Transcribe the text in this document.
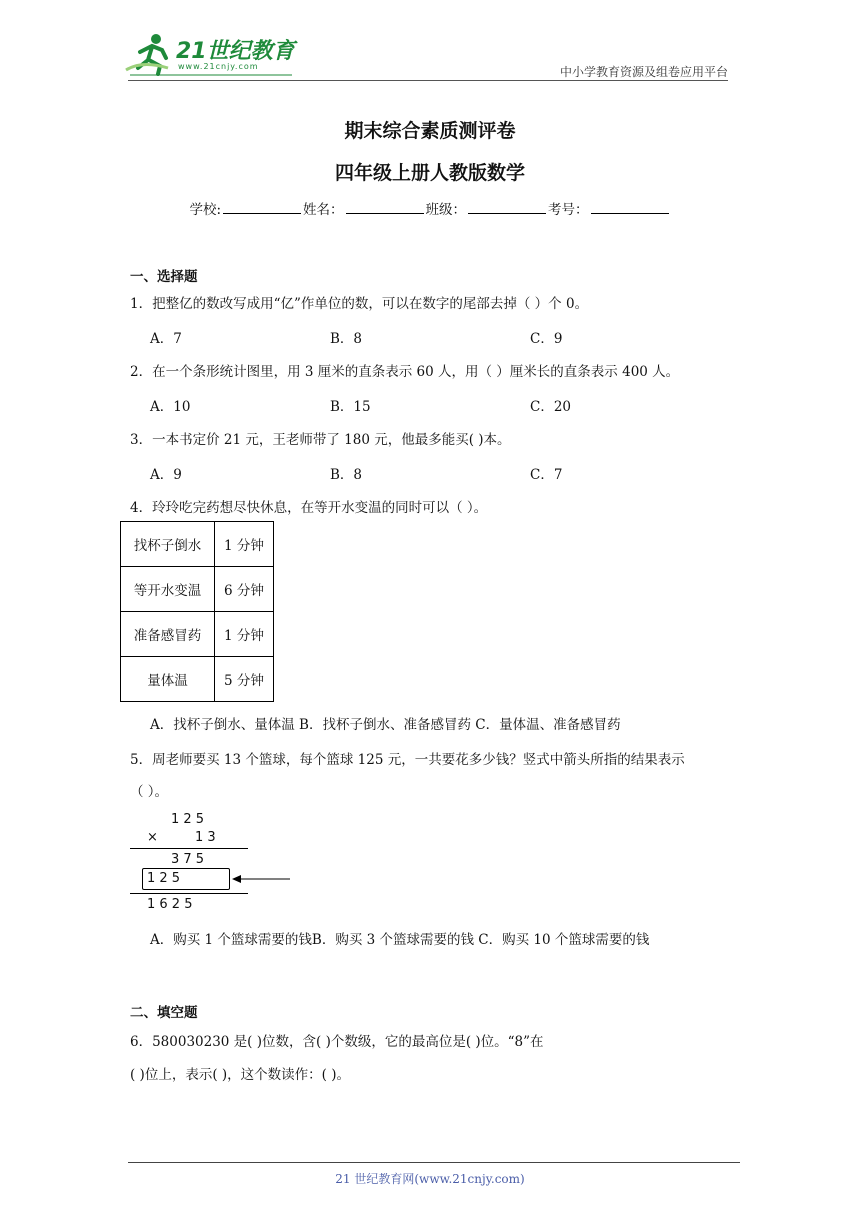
21世纪教育
www.21cnjy.com	中小学教育资源及组卷应用平台
期末综合素质测评卷
四年级上册人教版数学
学校:	姓名：	班级：	考号：
一、选择题
1．把整亿的数改写成用“亿”作单位的数，可以在数字的尾部去掉（ ）个 0。
A．7	B．8	C．9
2．在一个条形统计图里，用 3 厘米的直条表示 60 人，用（ ）厘米长的直条表示 400 人。
A．10	B．15	C．20
3．一本书定价 21 元，王老师带了 180 元，他最多能买( )本。
A．9	B．8	C．7
4．玲玲吃完药想尽快休息，在等开水变温的同时可以（ ）。
找杯子倒水	1 分钟
等开水变温	6 分钟
准备感冒药	1 分钟
量体温	5 分钟
A．找杯子倒水、量体温 B．找杯子倒水、准备感冒药 C．量体温、准备感冒药
5．周老师要买 13 个篮球，每个篮球 125 元，一共要花多少钱？竖式中箭头所指的结果表示
（ ）。
1 2 5
×	1 3
3 7 5
1 2 5
1 6 2 5
A．购买 1 个篮球需要的钱B．购买 3 个篮球需要的钱 C．购买 10 个篮球需要的钱
二、填空题
6．580030230 是( )位数，含( )个数级，它的最高位是( )位。“8”在
( )位上，表示( )，这个数读作：( )。
21 世纪教育网(www.21cnjy.com)
